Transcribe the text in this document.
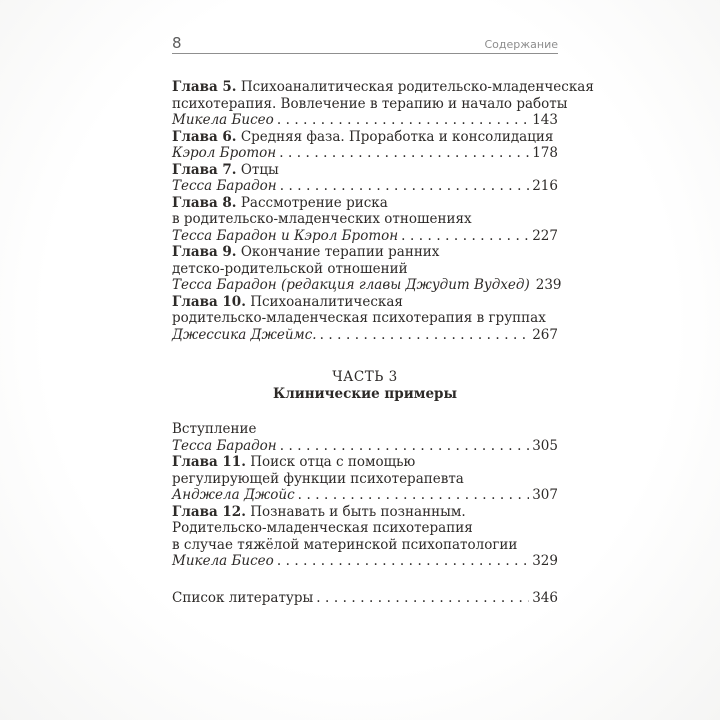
8	Содержание
Глава 5. Психоаналитическая родительско-младенческая
психотерапия. Вовлечение в терапию и начало работы
Микела Бисео .....	143
Глава 6. Средняя фаза. Проработка и консолидация
Кэрол Бротон .....	178
Глава 7. Отцы
Тесса Барадон .....	216
Глава 8. Рассмотрение риска
в родительско-младенческих отношениях
Тесса Барадон и Кэрол Бротон .....	227
Глава 9. Окончание терапии ранних
детско-родительской отношений
Тесса Барадон (редакция главы Джудит Вудхед) 239
Глава 10. Психоаналитическая
родительско-младенческая психотерапия в группах
Джессика Джеймс. .....	267
ЧАСТЬ 3
Клинические примеры
Вступление
Тесса Барадон .....	305
Глава 11. Поиск отца с помощью
регулирующей функции психотерапевта
Анджела Джойс .....	307
Глава 12. Познавать и быть познанным.
Родительско-младенческая психотерапия
в случае тяжёлой материнской психопатологии
Микела Бисео .....	329
Список литературы .....	346
